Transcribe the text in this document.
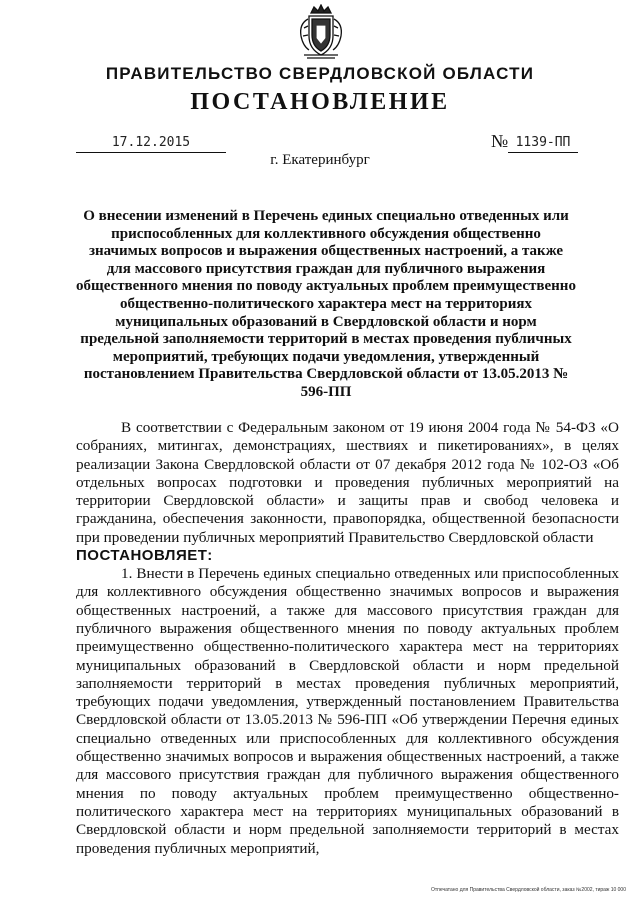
ПРАВИТЕЛЬСТВО СВЕРДЛОВСКОЙ ОБЛАСТИ
ПОСТАНОВЛЕНИЕ
17.12.2015	№ 1139-ПП
г. Екатеринбург
О внесении изменений в Перечень единых специально отведенных или приспособленных для коллективного обсуждения общественно значимых вопросов и выражения общественных настроений, а также для массового присутствия граждан для публичного выражения общественного мнения по поводу актуальных проблем преимущественно общественно-политического характера мест на территориях муниципальных образований в Свердловской области и норм предельной заполняемости территорий в местах проведения публичных мероприятий, требующих подачи уведомления, утвержденный постановлением Правительства Свердловской области от 13.05.2013 № 596-ПП

В соответствии с Федеральным законом от 19 июня 2004 года № 54-ФЗ «О собраниях, митингах, демонстрациях, шествиях и пикетированиях», в целях реализации Закона Свердловской области от 07 декабря 2012 года № 102-ОЗ «Об отдельных вопросах подготовки и проведения публичных мероприятий на территории Свердловской области» и защиты прав и свобод человека и гражданина, обеспечения законности, правопорядка, общественной безопасности при проведении публичных мероприятий Правительство Свердловской области

ПОСТАНОВЛЯЕТ:

1. Внести в Перечень единых специально отведенных или приспособленных для коллективного обсуждения общественно значимых вопросов и выражения общественных настроений, а также для массового присутствия граждан для публичного выражения общественного мнения по поводу актуальных проблем преимущественно общественно-политического характера мест на территориях муниципальных образований в Свердловской области и норм предельной заполняемости территорий в местах проведения публичных мероприятий, требующих подачи уведомления, утвержденный постановлением Правительства Свердловской области от 13.05.2013 № 596-ПП «Об утверждении Перечня единых специально отведенных или приспособленных для коллективного обсуждения общественно значимых вопросов и выражения общественных настроений, а также для массового присутствия граждан для публичного выражения общественного мнения по поводу актуальных проблем преимущественно общественно-политического характера мест на территориях муниципальных образований в Свердловской области и норм предельной заполняемости территорий в местах проведения публичных мероприятий,

Отпечатано для Правительства Свердловской области, заказ №2002, тираж 10 000
